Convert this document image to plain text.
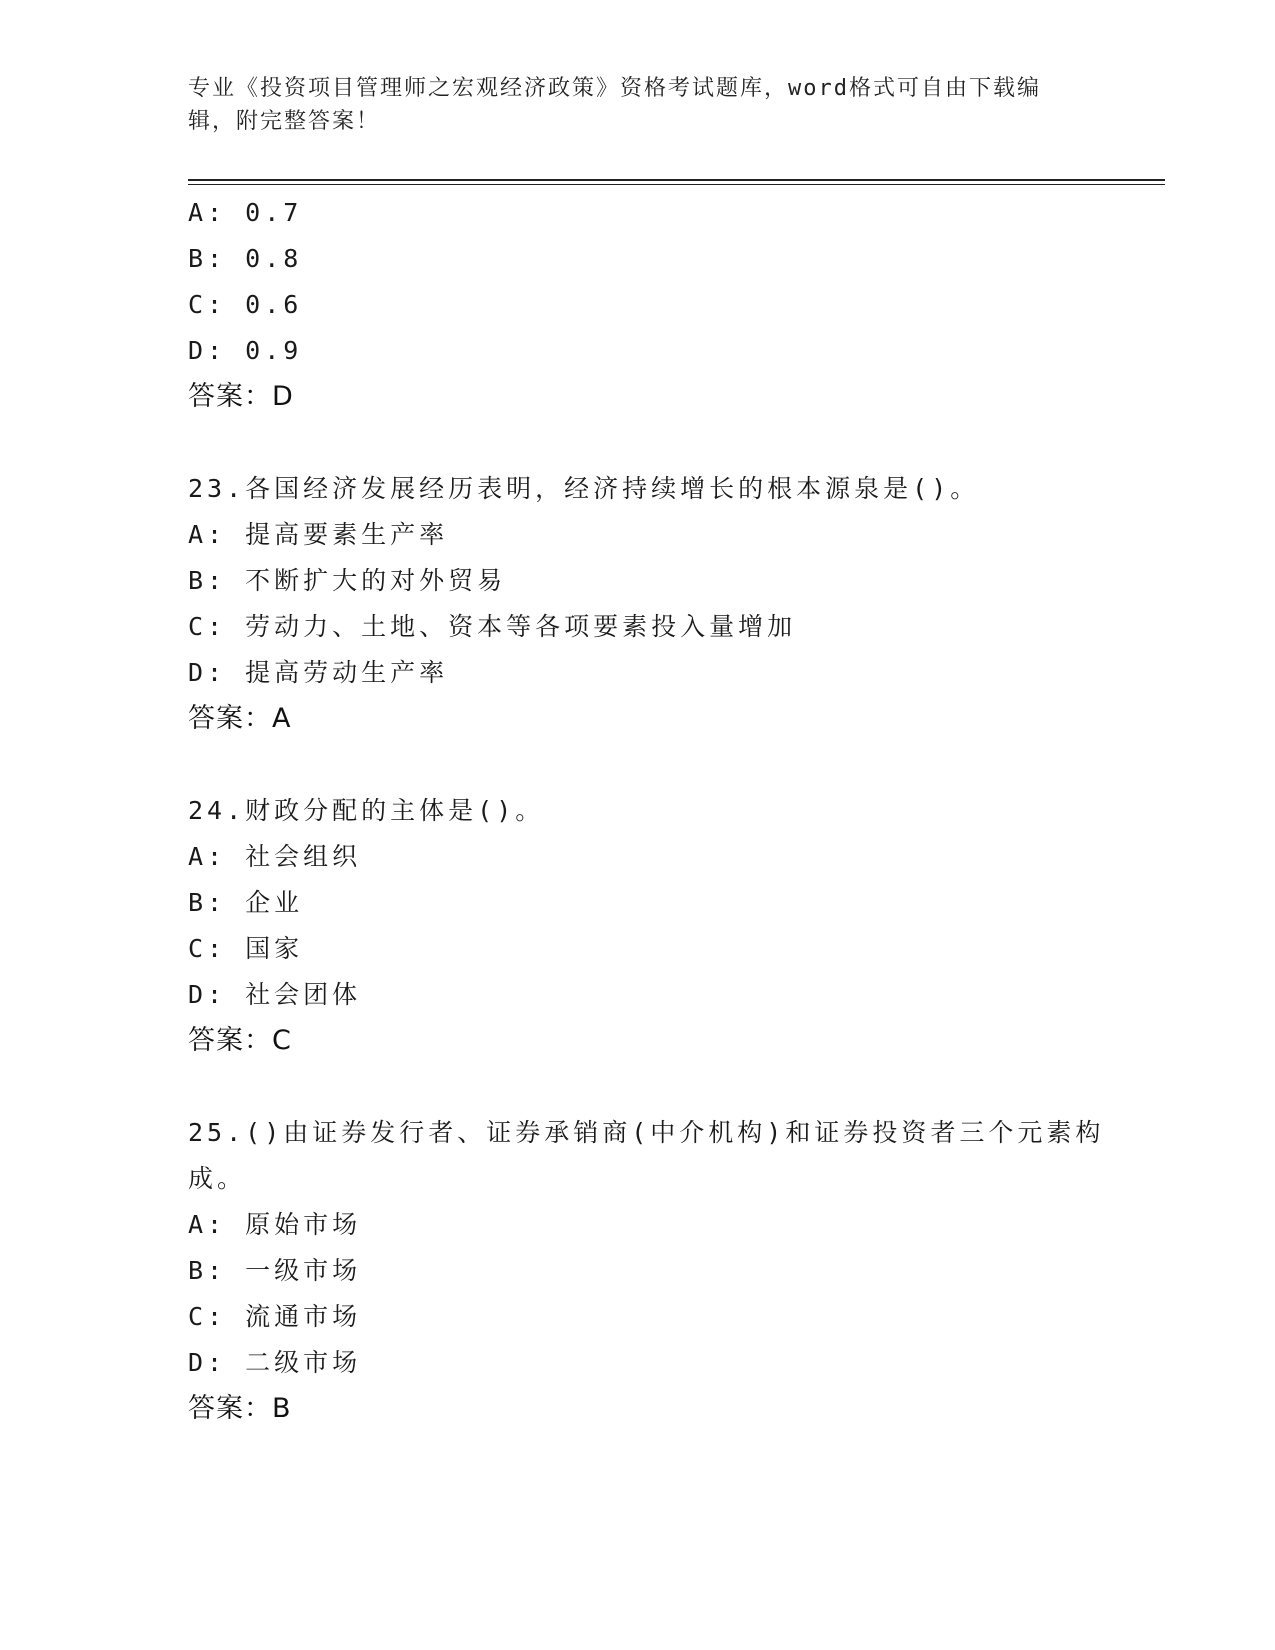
专业《投资项目管理师之宏观经济政策》资格考试题库，word格式可自由下载编辑，附完整答案！
A: 0.7
B: 0.8
C: 0.6
D: 0.9
答案：D
23.各国经济发展经历表明，经济持续增长的根本源泉是()。
A: 提高要素生产率
B: 不断扩大的对外贸易
C: 劳动力、土地、资本等各项要素投入量增加
D: 提高劳动生产率
答案：A
24.财政分配的主体是()。
A: 社会组织
B: 企业
C: 国家
D: 社会团体
答案：C
25.()由证券发行者、证券承销商(中介机构)和证券投资者三个元素构
成。
A: 原始市场
B: 一级市场
C: 流通市场
D: 二级市场
答案：B
